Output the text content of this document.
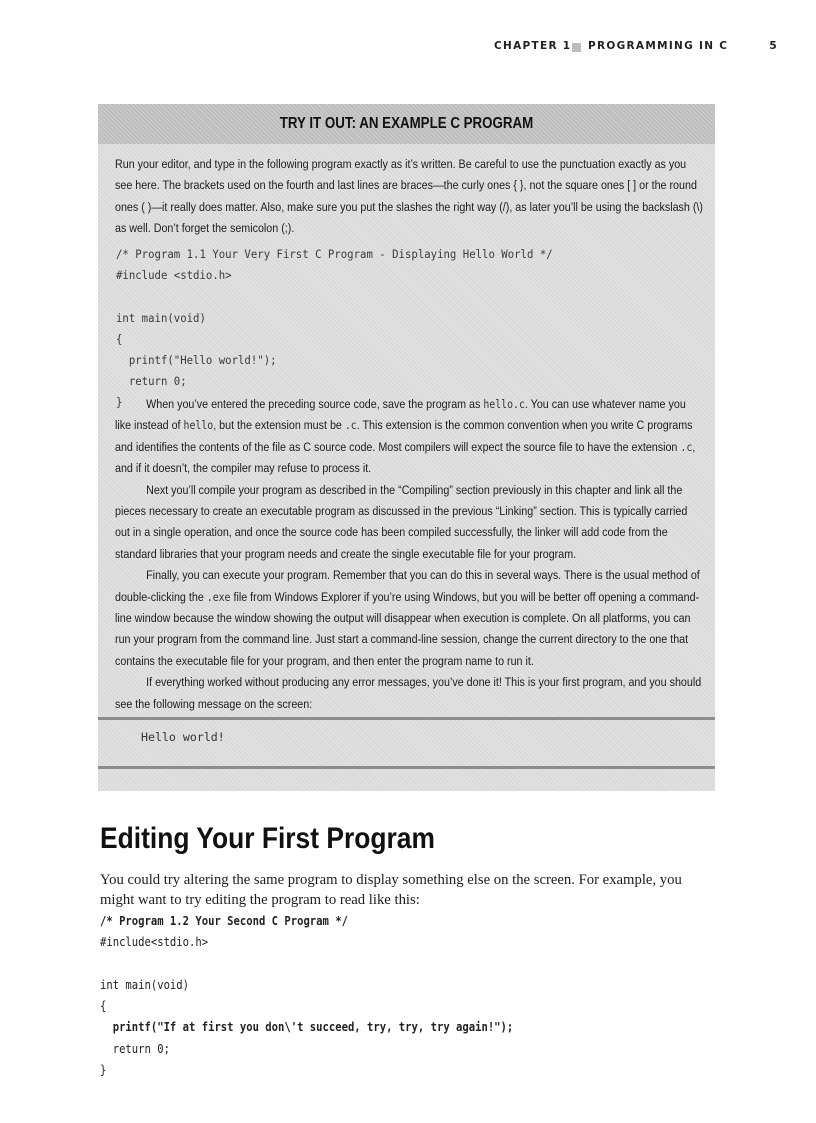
CHAPTER 1 PROGRAMMING IN C	5
TRY IT OUT: AN EXAMPLE C PROGRAM

Run your editor, and type in the following program exactly as it’s written. Be careful to use the punctuation exactly as you see here. The brackets used on the fourth and last lines are braces—the curly ones { }, not the square ones [ ] or the round ones ( )—it really does matter. Also, make sure you put the slashes the right way (/), as later you’ll be using the backslash (\) as well. Don’t forget the semicolon (;).

When you’ve entered the preceding source code, save the program as hello.c. You can use whatever name you like instead of hello, but the extension must be .c. This extension is the common convention when you write C programs and identifies the contents of the file as C source code. Most compilers will expect the source file to have the extension .c, and if it doesn’t, the compiler may refuse to process it.

Next you’ll compile your program as described in the “Compiling” section previously in this chapter and link all the pieces necessary to create an executable program as discussed in the previous “Linking” section. This is typically carried out in a single operation, and once the source code has been compiled successfully, the linker will add code from the standard libraries that your program needs and create the single executable file for your program.

Finally, you can execute your program. Remember that you can do this in several ways. There is the usual method of double-clicking the .exe file from Windows Explorer if you’re using Windows, but you will be better off opening a command-line window because the window showing the output will disappear when execution is complete. On all platforms, you can run your program from the command line. Just start a command-line session, change the current directory to the one that contains the executable file for your program, and then enter the program name to run it.

If everything worked without producing any error messages, you’ve done it! This is your first program, and you should see the following message on the screen:

Hello world!
/* Program 1.1 Your Very First C Program - Displaying Hello World */
#include <stdio.h>

int main(void)
{
printf("Hello world!");
return 0;
}
Editing Your First Program

You could try altering the same program to display something else on the screen. For example, you might want to try editing the program to read like this:

/* Program 1.2 Your Second C Program */
#include<stdio.h>

int main(void)
{
printf("If at first you don\'t succeed, try, try, try again!");
return 0;
}
